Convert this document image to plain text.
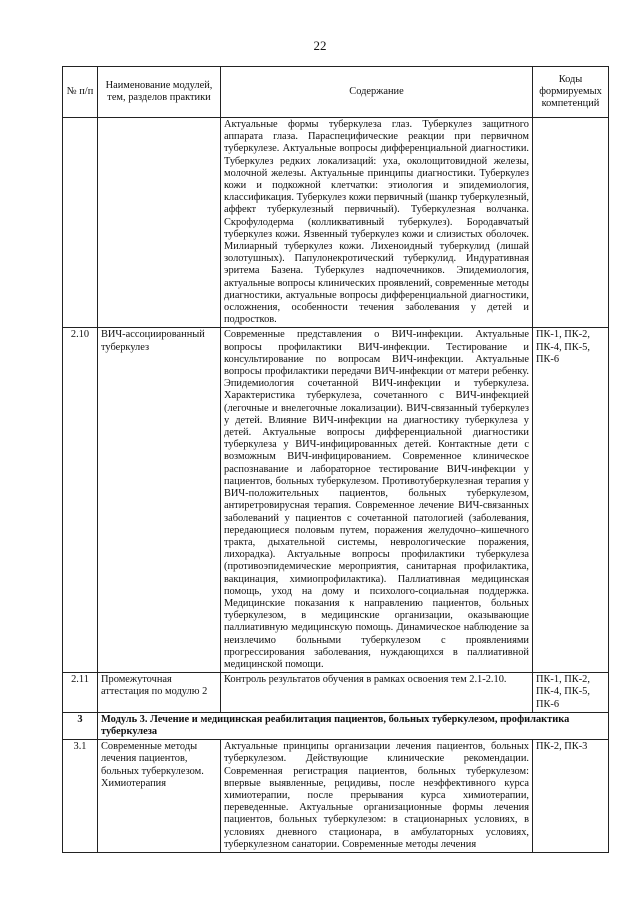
22
№ п/п	Наименование модулей, тем, разделов практики	Содержание	Коды формируемых компетенций
		Актуальные формы туберкулеза глаз. Туберкулез защитного аппарата глаза. Параспецифические реакции при первичном туберкулезе. Актуальные вопросы дифференциальной диагностики. Туберкулез редких локализаций: уха, околощитовидной железы, молочной железы. Актуальные принципы диагностики. Туберкулез кожи и подкожной клетчатки: этиология и эпидемиология, классификация. Туберкулез кожи первичный (шанкр туберкулезный, аффект туберкулезный первичный). Туберкулезная волчанка. Скрофулодерма (колликвативный туберкулез). Бородавчатый туберкулез кожи. Язвенный туберкулез кожи и слизистых оболочек. Милиарный туберкулез кожи. Лихеноидный туберкулид (лишай золотушных). Папулонекротический туберкулид. Индуративная эритема Базена. Туберкулез надпочечников. Эпидемиология, актуальные вопросы клинических проявлений, современные методы диагностики, актуальные вопросы дифференциальной диагностики, осложнения, особенности течения заболевания у детей и подростков.	
2.10	ВИЧ-ассоциированный туберкулез	Современные представления о ВИЧ-инфекции. Актуальные вопросы профилактики ВИЧ-инфекции. Тестирование и консультирование по вопросам ВИЧ-инфекции. Актуальные вопросы профилактики передачи ВИЧ-инфекции от матери ребенку. Эпидемиология сочетанной ВИЧ-инфекции и туберкулеза. Характеристика туберкулеза, сочетанного с ВИЧ-инфекцией (легочные и внелегочные локализации). ВИЧ-связанный туберкулез у детей. Влияние ВИЧ-инфекции на диагностику туберкулеза у детей. Актуальные вопросы дифференциальной диагностики туберкулеза у ВИЧ-инфицированных детей. Контактные дети с возможным ВИЧ-инфицированием. Современное клиническое распознавание и лабораторное тестирование ВИЧ-инфекции у пациентов, больных туберкулезом. Противотуберкулезная терапия у ВИЧ-положительных пациентов, больных туберкулезом, антиретровирусная терапия. Современное лечение ВИЧ-связанных заболеваний у пациентов с сочетанной патологией (заболевания, передающиеся половым путем, поражения желудочно–кишечного тракта, дыхательной системы, неврологические поражения, лихорадка). Актуальные вопросы профилактики туберкулеза (противоэпидемические мероприятия, санитарная профилактика, вакцинация, химиопрофилактика). Паллиативная медицинская помощь, уход на дому и психолого-социальная поддержка. Медицинские показания к направлению пациентов, больных туберкулезом, в медицинские организации, оказывающие паллиативную медицинскую помощь. Динамическое наблюдение за неизлечимо больными туберкулезом с проявлениями прогрессирования заболевания, нуждающихся в паллиативной медицинской помощи.	ПК-1, ПК-2, ПК-4, ПК-5, ПК-6
2.11	Промежуточная аттестация по модулю 2	Контроль результатов обучения в рамках освоения тем 2.1-2.10.	ПК-1, ПК-2, ПК-4, ПК-5, ПК-6
3	Модуль 3. Лечение и медицинская реабилитация пациентов, больных туберкулезом, профилактика туберкулеза		
3.1	Современные методы лечения пациентов, больных туберкулезом. Химиотерапия	Актуальные принципы организации лечения пациентов, больных туберкулезом. Действующие клинические рекомендации. Современная регистрация пациентов, больных туберкулезом: впервые выявленные, рецидивы, после неэффективного курса химиотерапии, после прерывания курса химиотерапии, переведенные. Актуальные организационные формы лечения пациентов, больных туберкулезом: в стационарных условиях, в условиях дневного стационара, в амбулаторных условиях, туберкулезном санатории. Современные методы лечения	ПК-2, ПК-3
